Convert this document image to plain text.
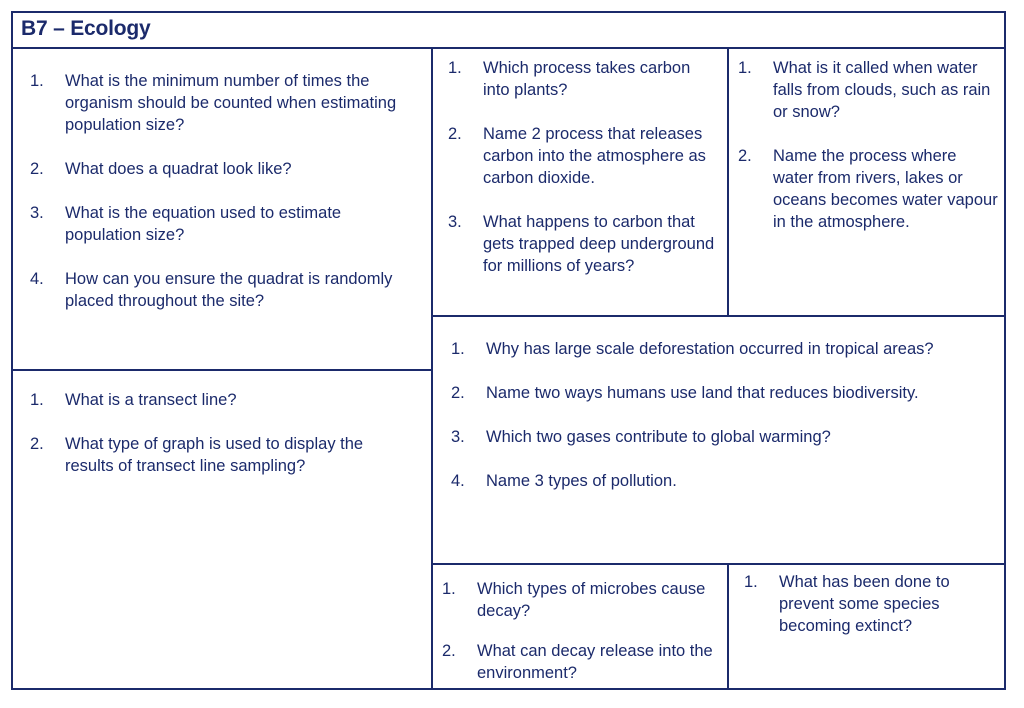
B7 – Ecology
1. What is the minimum number of times the organism should be counted when estimating population size?
2. What does a quadrat look like?
3. What is the equation used to estimate population size?
4. How can you ensure the quadrat is randomly placed throughout the site?
1. Which process takes carbon into plants?
2. Name 2 process that releases carbon into the atmosphere as carbon dioxide.
3. What happens to carbon that gets trapped deep underground for millions of years?
1. What is it called when water falls from clouds, such as rain or snow?
2. Name the process where water from rivers, lakes or oceans becomes water vapour in the atmosphere.
1. What is a transect line?
2. What type of graph is used to display the results of transect line sampling?
1. Why has large scale deforestation occurred in tropical areas?
2. Name two ways humans use land that reduces biodiversity.
3. Which two gases contribute to global warming?
4. Name 3 types of pollution.
1. Which types of microbes cause decay?
2. What can decay release into the environment?
1. What has been done to prevent some species becoming extinct?
